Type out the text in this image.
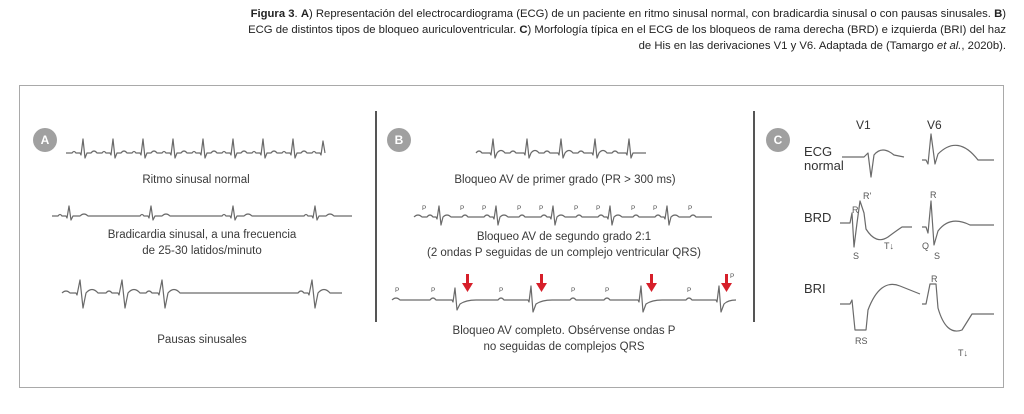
Figura 3. A) Representación del electrocardiograma (ECG) de un paciente en ritmo sinusal normal, con bradicardia sinusal o con pausas sinusales. B) ECG de distintos tipos de bloqueo auriculoventricular. C) Morfología típica en el ECG de los bloqueos de rama derecha (BRD) e izquierda (BRI) del haz de His en las derivaciones V1 y V6. Adaptada de (Tamargo et al., 2020b).
A
Ritmo sinusal normal
Bradicardia sinusal, a una frecuencia
de 25-30 latidos/minuto
Pausas sinusales
B
Bloqueo AV de primer grado (PR > 300 ms)
P	P	P	P	P	P	P	P	P	P
Bloqueo AV de segundo grado 2:1
(2 ondas P seguidas de un complejo ventricular QRS)
P	P	P	P	P	P
P
Bloqueo AV completo. Obsérvense ondas P
no seguidas de complejos QRS
C
V1	V6
ECG
normal
BRD R
R'
S
T↓
R
Q
S
BRI
RS
R
T↓
